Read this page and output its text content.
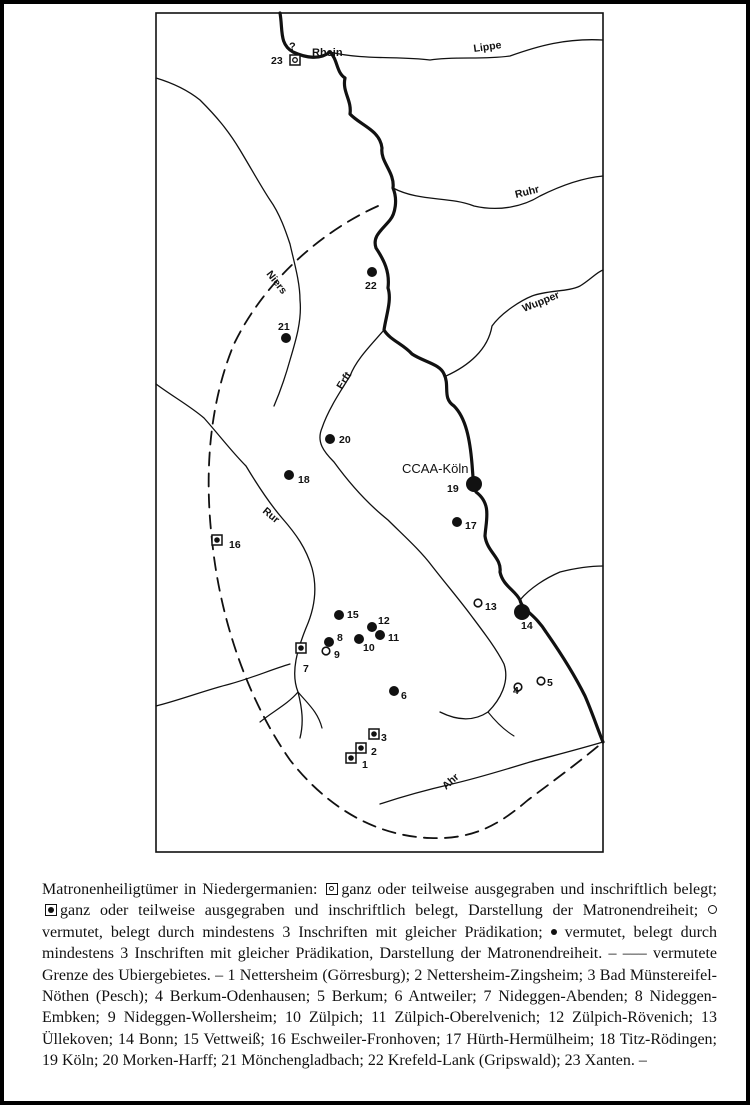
Rhein	Lippe
Ruhr
Wupper
Niers
Erft
Rur
Ahr
CCAA-Köln
?
1
2
3
4
5
6
7
8
9
10
11
12
13
14
15
16
17
18
19
20
21
22
23

Matronenheiligtümer in Niedergermanien: ganz oder teilweise ausgegraben und inschriftlich belegt; ganz oder teilweise ausgegraben und inschriftlich belegt, Darstellung der Matronendreiheit;  vermutet, belegt durch mindestens 3 Inschriften mit gleicher Prädikation;  vermutet, belegt durch mindestens 3 Inschriften mit gleicher Prädikation, Darstellung der Matronendreiheit. – ––– vermutete Grenze des Ubiergebietes. – 1 Nettersheim (Görresburg); 2 Nettersheim-Zingsheim; 3 Bad Münstereifel-Nöthen (Pesch); 4 Berkum-Odenhausen; 5 Berkum; 6 Antweiler; 7 Nideggen-Abenden; 8 Nideggen-Embken; 9 Nideggen-Wollersheim; 10 Zülpich; 11 Zülpich-Oberelvenich; 12 Zülpich-Rövenich; 13 Üllekoven; 14 Bonn; 15 Vettweiß; 16 Eschweiler-Fronhoven; 17 Hürth-Hermülheim; 18 Titz-Rödingen; 19 Köln; 20 Morken-Harff; 21 Mönchengladbach; 22 Krefeld-Lank (Gripswald); 23 Xanten. –
